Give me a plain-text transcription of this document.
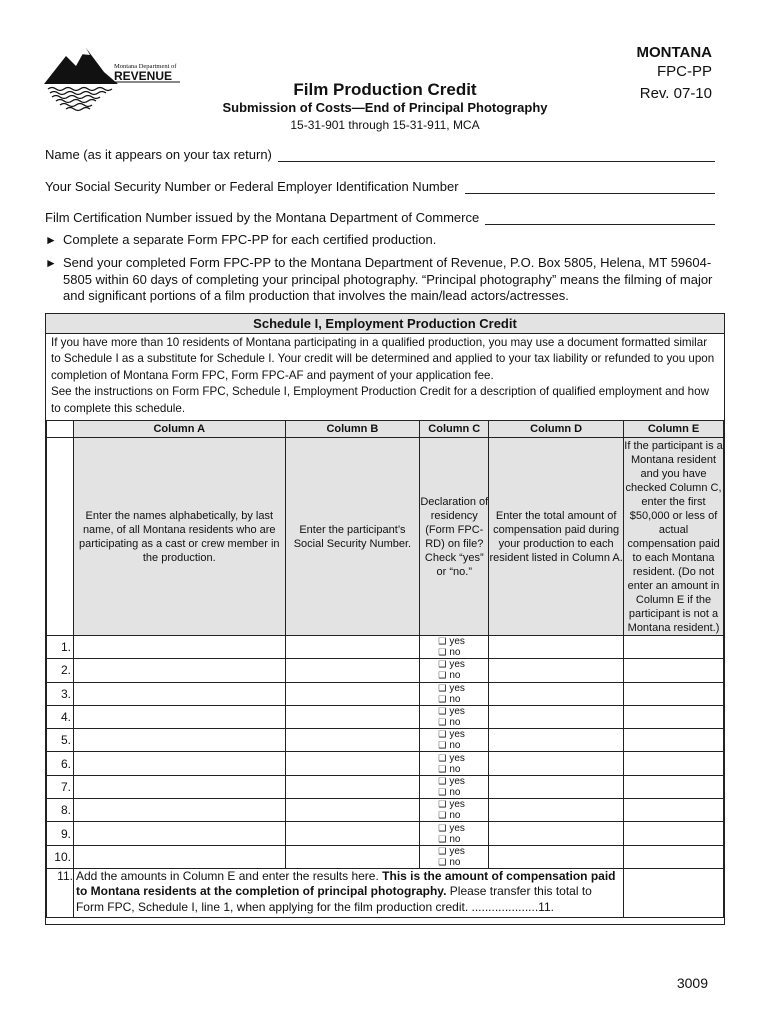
Montana Department of
REVENUE
MONTANA
FPC-PP
Rev. 07-10
Film Production Credit
Submission of Costs—End of Principal Photography
15-31-901 through 15-31-911, MCA
Name (as it appears on your tax return)
Your Social Security Number or Federal Employer Identification Number
Film Certification Number issued by the Montana Department of Commerce
► Complete a separate Form FPC-PP for each certified production.
► Send your completed Form FPC-PP to the Montana Department of Revenue, P.O. Box 5805, Helena, MT 59604-5805 within 60 days of completing your principal photography. “Principal photography” means the filming of major and significant portions of a film production that involves the main/lead actors/actresses.
Schedule I, Employment Production Credit

If you have more than 10 residents of Montana participating in a qualified production, you may use a document formatted similar to Schedule I as a substitute for Schedule I. Your credit will be determined and applied to your tax liability or refunded to you upon completion of Montana Form FPC, Form FPC-AF and payment of your application fee.

See the instructions on Form FPC, Schedule I, Employment Production Credit for a description of qualified employment and how to complete this schedule.

	Column A	Column B	Column C	Column D	Column E
	Enter the names alphabetically, by last name, of all Montana residents who are participating as a cast or crew member in the production.	Enter the participant’s Social Security Number.	Declaration of residency (Form FPC-RD) on file? Check “yes” or “no.”	Enter the total amount of compensation paid during your production to each resident listed in Column A.	If the participant is a Montana resident and you have checked Column C, enter the first $50,000 or less of actual compensation paid to each Montana resident. (Do not enter an amount in Column E if the participant is not a Montana resident.)
1.			❑ yes
❑ no		

2.			❑ yes
❑ no		

3.			❑ yes
❑ no		

4.			❑ yes
❑ no		

5.			❑ yes
❑ no		

6.			❑ yes
❑ no		

7.			❑ yes
❑ no		

8.			❑ yes
❑ no		

9.			❑ yes
❑ no		

10.			❑ yes
❑ no		

11.	Add the amounts in Column E and enter the results here. This is the amount of compensation paid to Montana residents at the completion of principal photography. Please transfer this total to Form FPC, Schedule I, line 1, when applying for the film production credit. ....................11.				
3009
